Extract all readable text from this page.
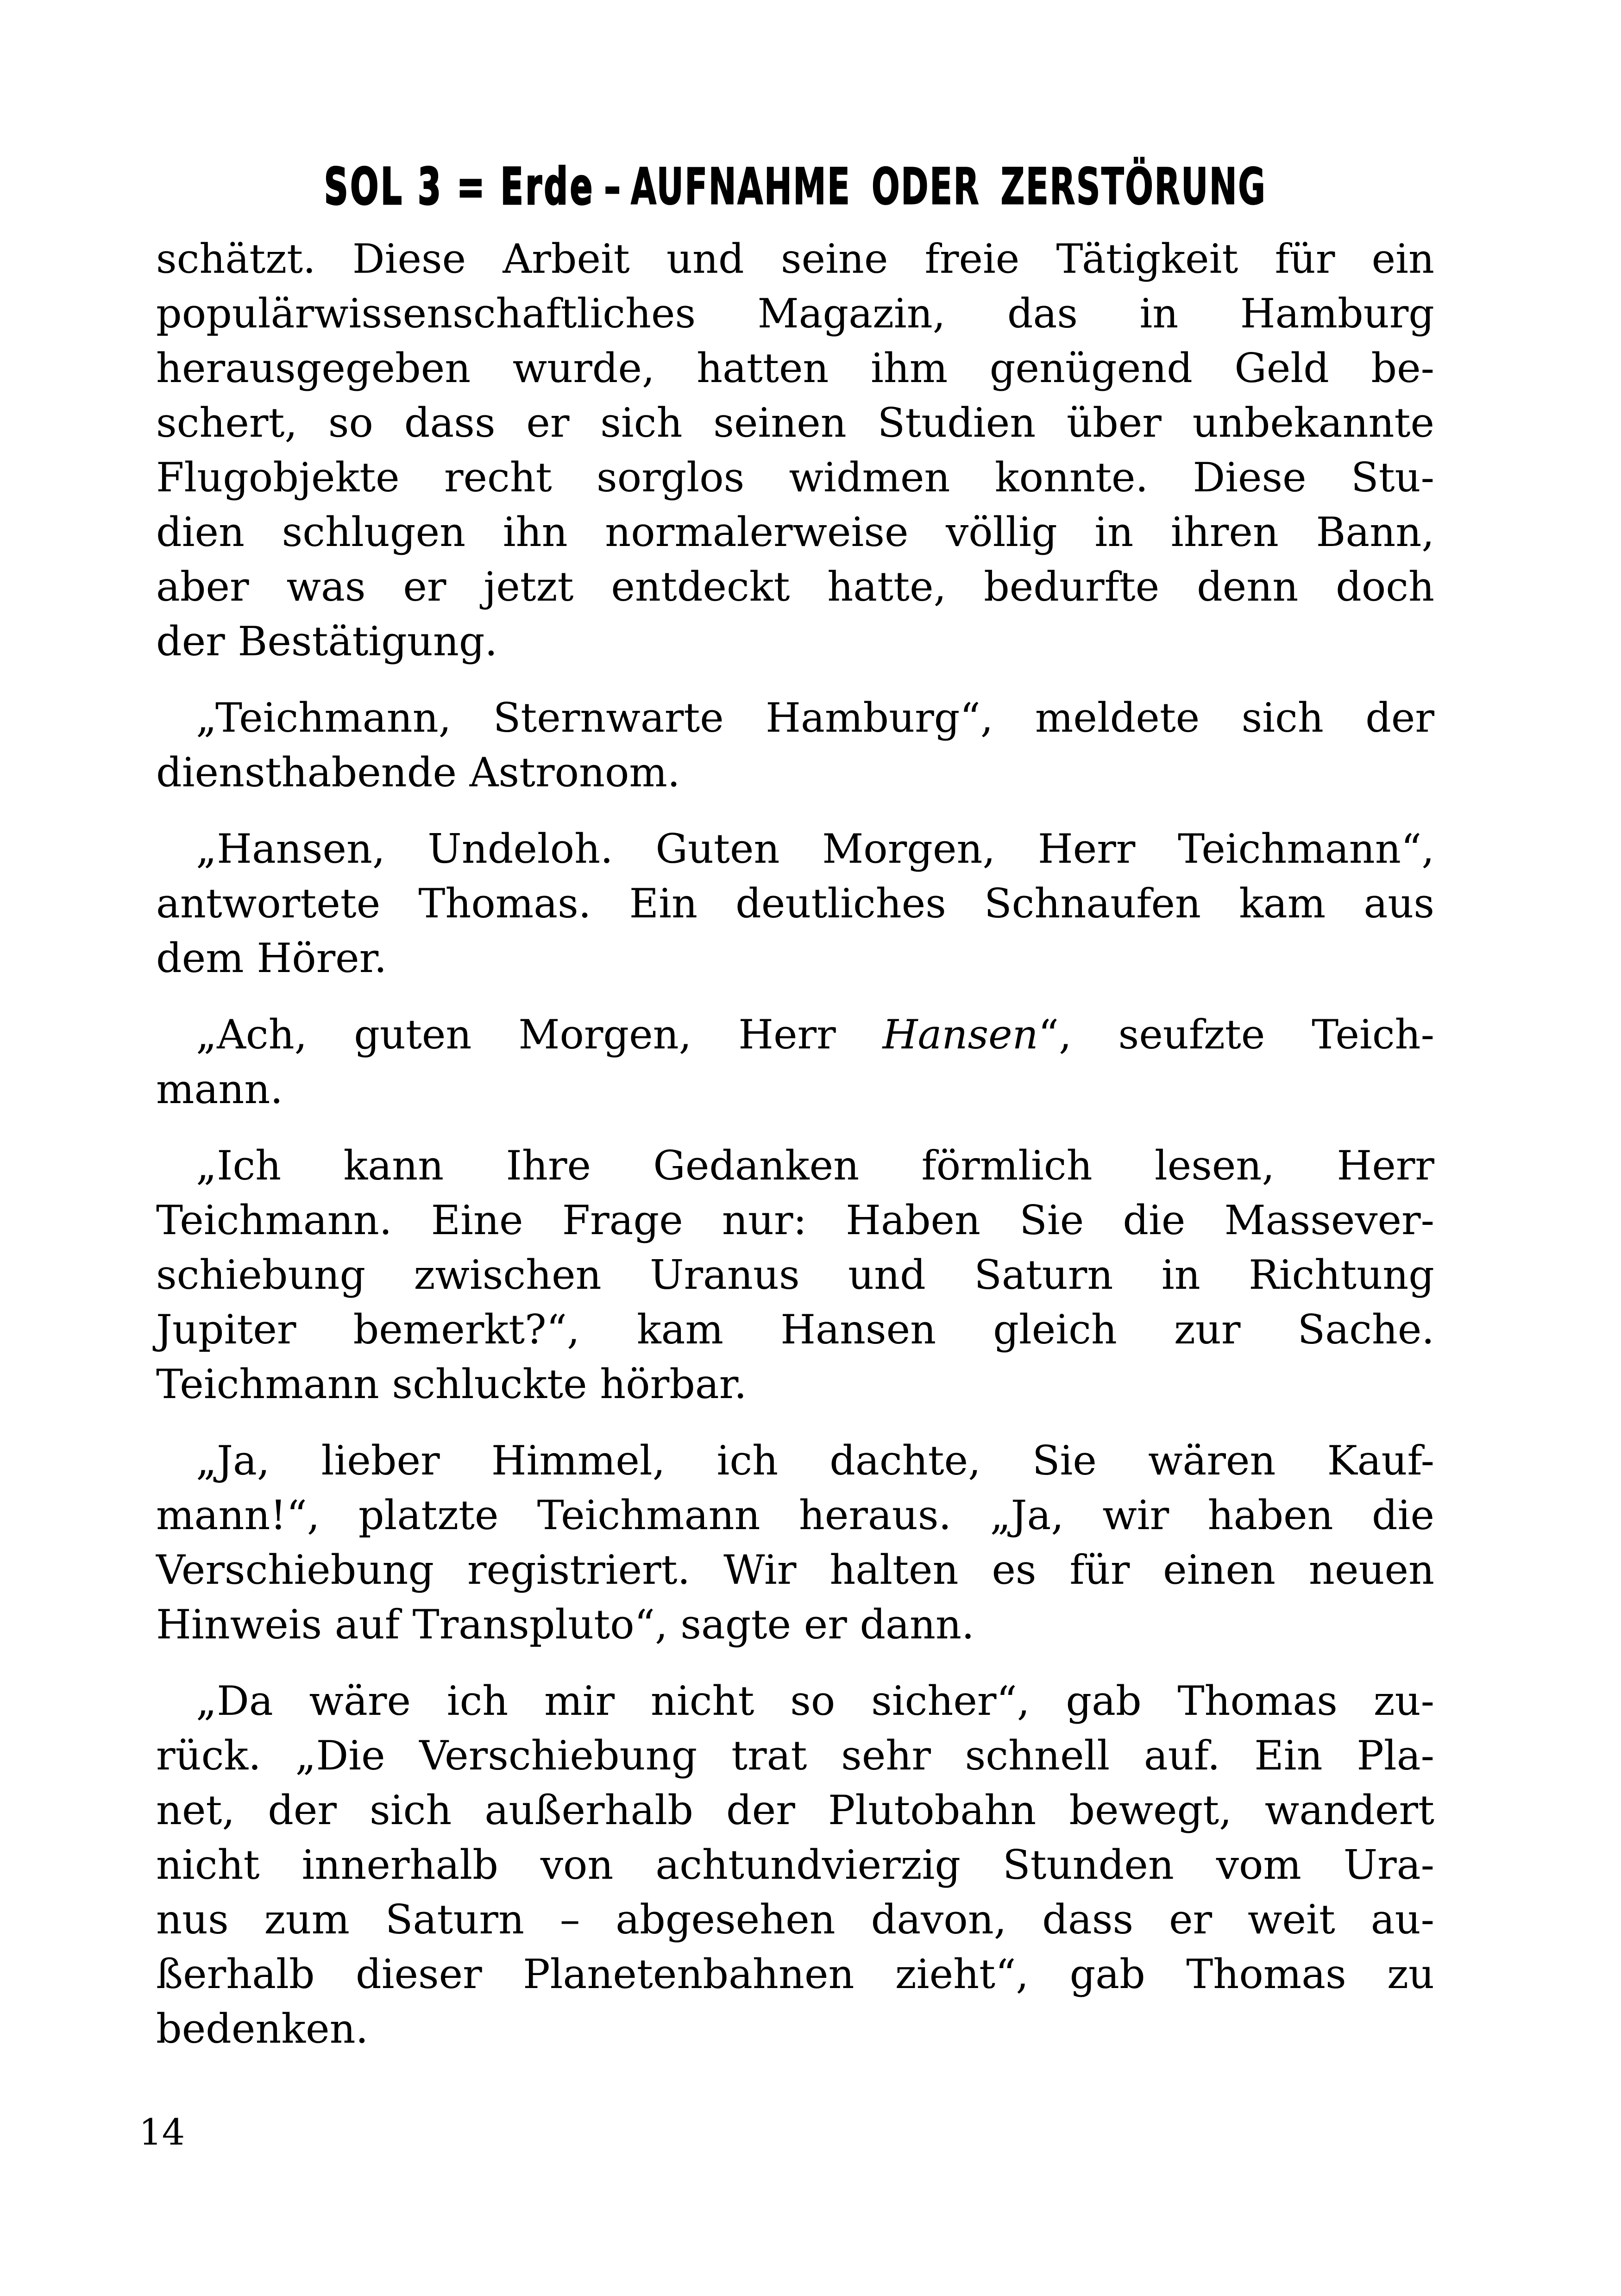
SOL 3 = Erde – AUFNAHME ODER ZERSTÖRUNG

schätzt. Diese Arbeit und seine freie Tätigkeit für ein
populärwissenschaftliches Magazin, das in Hamburg
herausgegeben wurde, hatten ihm genügend Geld be-
schert, so dass er sich seinen Studien über unbekannte
Flugobjekte recht sorglos widmen konnte. Diese Stu-
dien schlugen ihn normalerweise völlig in ihren Bann,
aber was er jetzt entdeckt hatte, bedurfte denn doch
der Bestätigung.

„Teichmann, Sternwarte Hamburg“, meldete sich der
diensthabende Astronom.

„Hansen, Undeloh. Guten Morgen, Herr Teichmann“,
antwortete Thomas. Ein deutliches Schnaufen kam aus
dem Hörer.

„Ach, guten Morgen, Herr Hansen“, seufzte Teich-
mann.

„Ich kann Ihre Gedanken förmlich lesen, Herr
Teichmann. Eine Frage nur: Haben Sie die Massever-
schiebung zwischen Uranus und Saturn in Richtung
Jupiter bemerkt?“, kam Hansen gleich zur Sache.
Teichmann schluckte hörbar.

„Ja, lieber Himmel, ich dachte, Sie wären Kauf-
mann!“, platzte Teichmann heraus. „Ja, wir haben die
Verschiebung registriert. Wir halten es für einen neuen
Hinweis auf Transpluto“, sagte er dann.

„Da wäre ich mir nicht so sicher“, gab Thomas zu-
rück. „Die Verschiebung trat sehr schnell auf. Ein Pla-
net, der sich außerhalb der Plutobahn bewegt, wandert
nicht innerhalb von achtundvierzig Stunden vom Ura-
nus zum Saturn – abgesehen davon, dass er weit au-
ßerhalb dieser Planetenbahnen zieht“, gab Thomas zu
bedenken.

14
